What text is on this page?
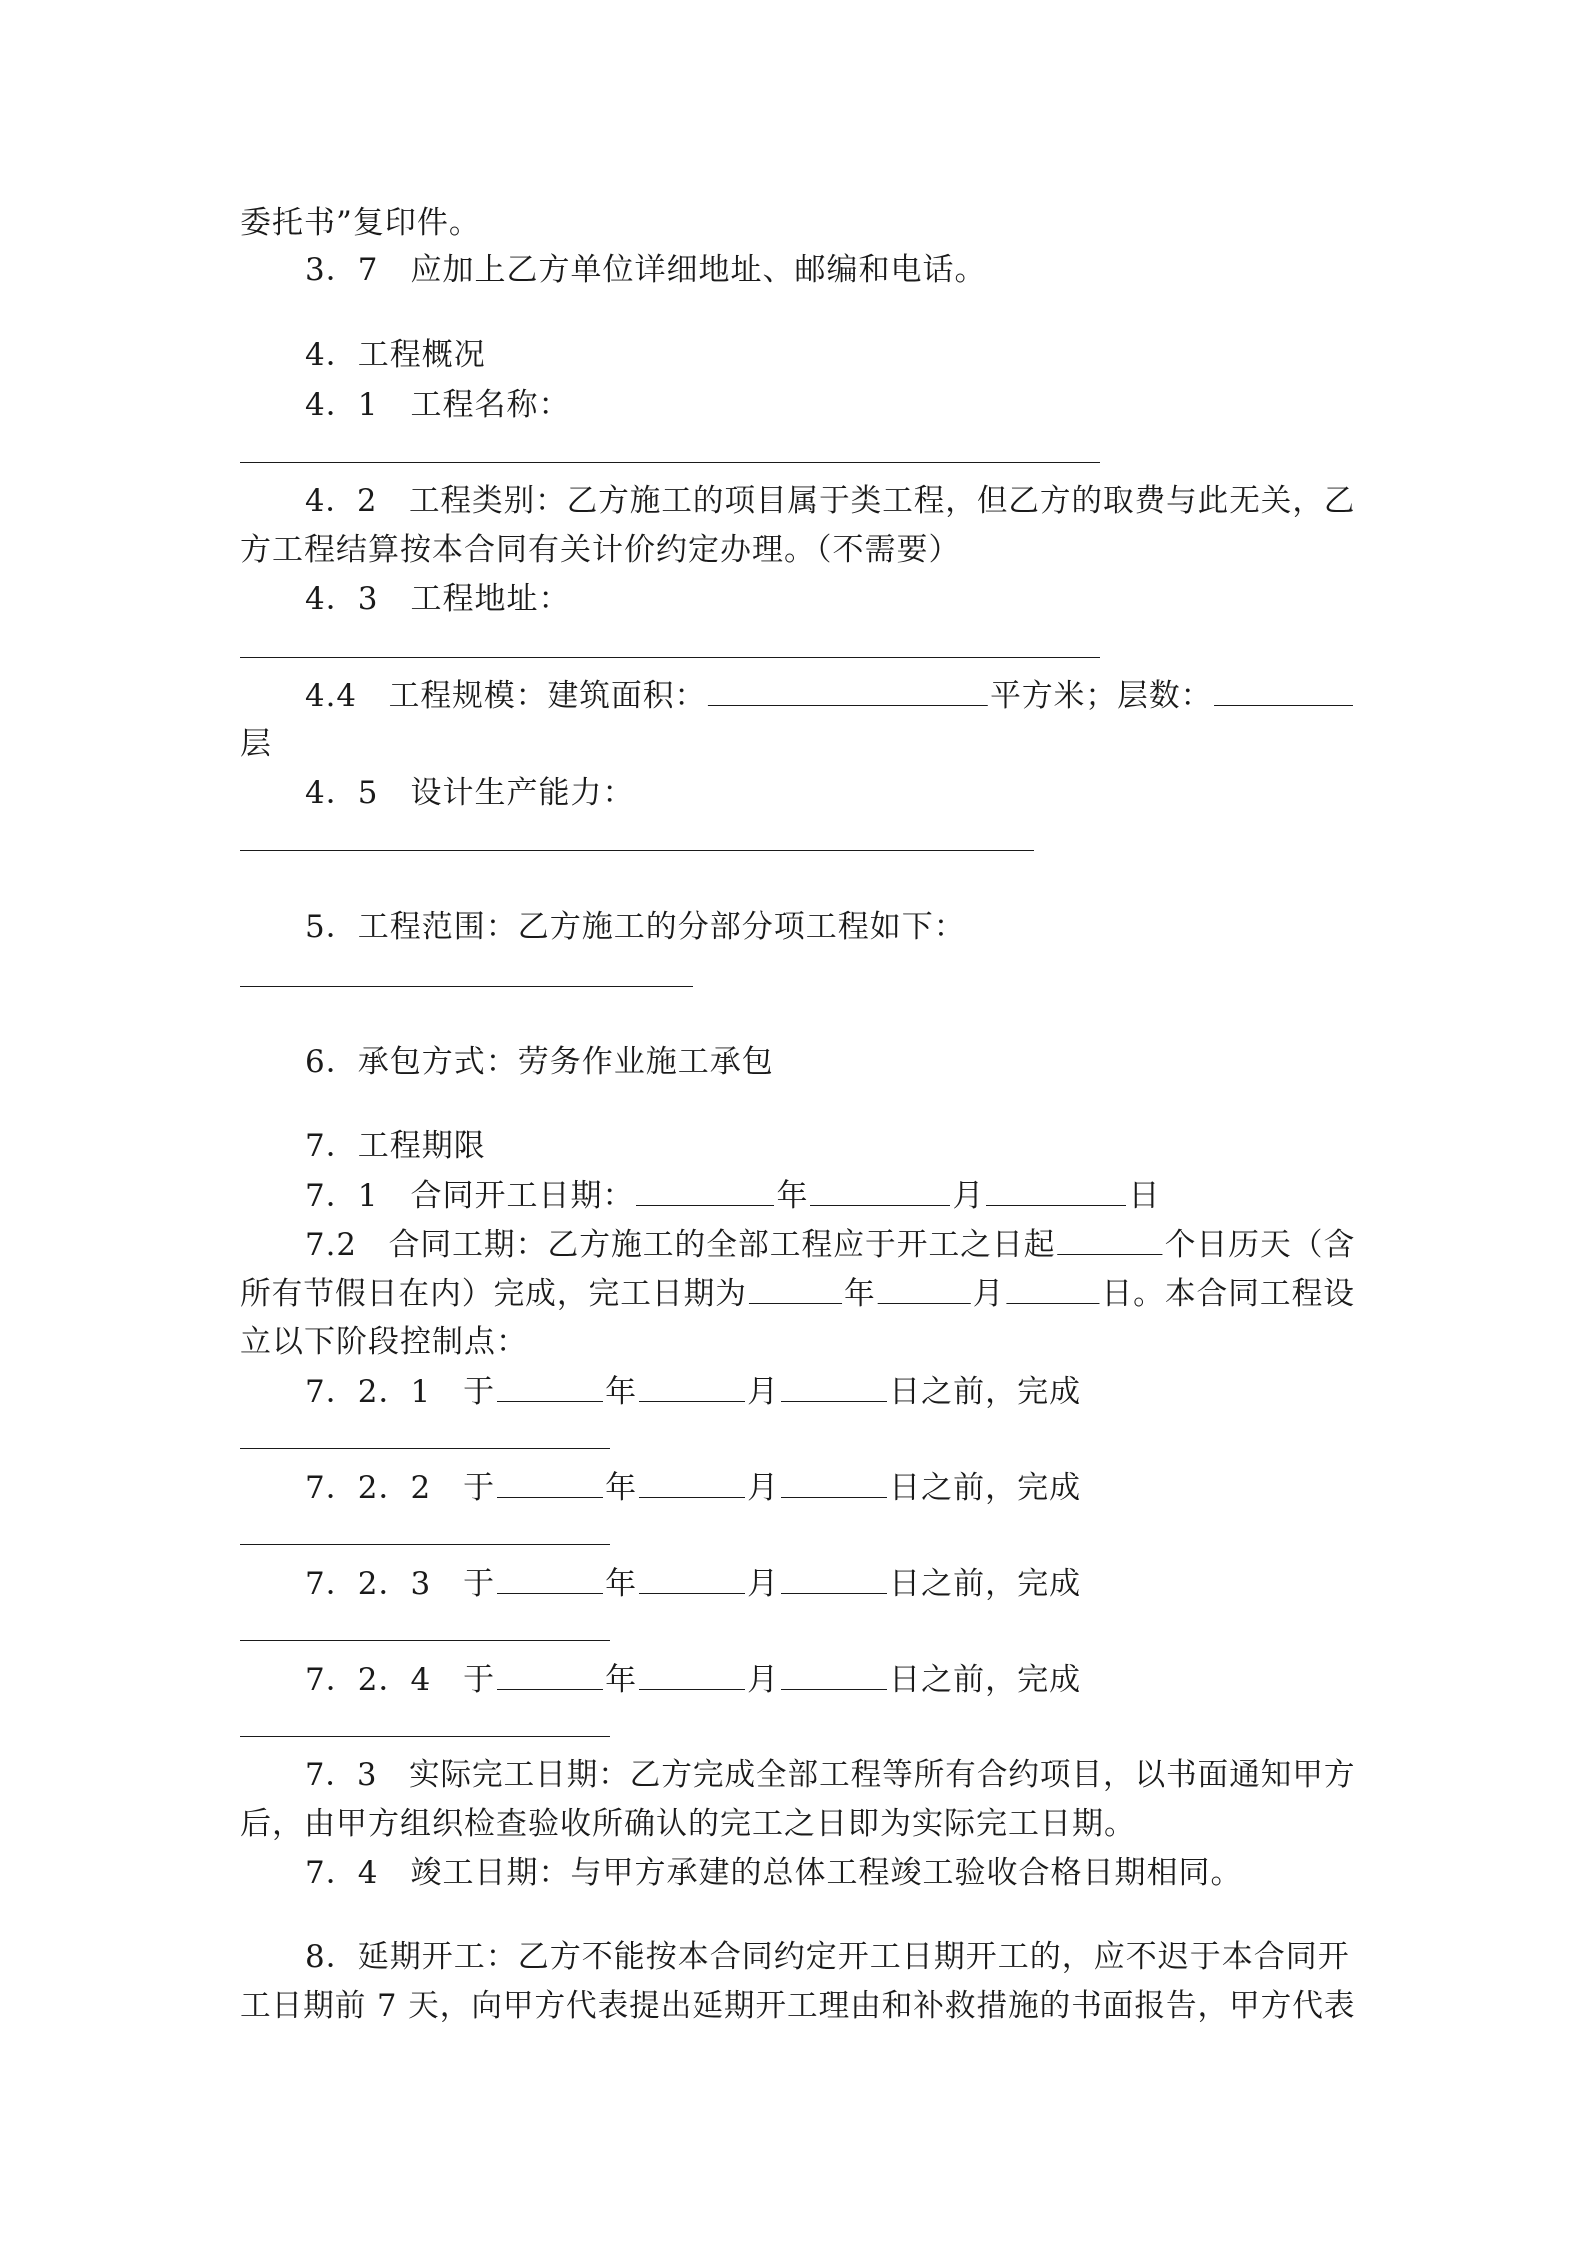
委托书”复印件。
3．7　应加上乙方单位详细地址、邮编和电话。
4．工程概况
4．1　工程名称：
4．2　工程类别：乙方施工的项目属于类工程，但乙方的取费与此无关，乙
方工程结算按本合同有关计价约定办理。（不需要）
4．3　工程地址：
4.4　工程规模：建筑面积：	平方米；层数：
层
4．5　设计生产能力：
5．工程范围：乙方施工的分部分项工程如下：
6．承包方式：劳务作业施工承包
7．工程期限
7．1　合同开工日期：	年	月	日
7.2　合同工期：乙方施工的全部工程应于开工之日起	个日历天（含
所有节假日在内）完成，完工日期为	年	月	日。本合同工程设
立以下阶段控制点：
7．2．1　 于	年	月	日之前，完成
7．2．2　 于	年	月	日之前，完成
7．2．3　 于	年	月	日之前，完成
7．2．4　 于	年	月	日之前，完成
7．3　实际完工日期：乙方完成全部工程等所有合约项目，以书面通知甲方
后，由甲方组织检查验收所确认的完工之日即为实际完工日期。
7．4　竣工日期：与甲方承建的总体工程竣工验收合格日期相同。
8．延期开工：乙方不能按本合同约定开工日期开工的，应不迟于本合同开
工日期前 7 天，向甲方代表提出延期开工理由和补救措施的书面报告，甲方代表
